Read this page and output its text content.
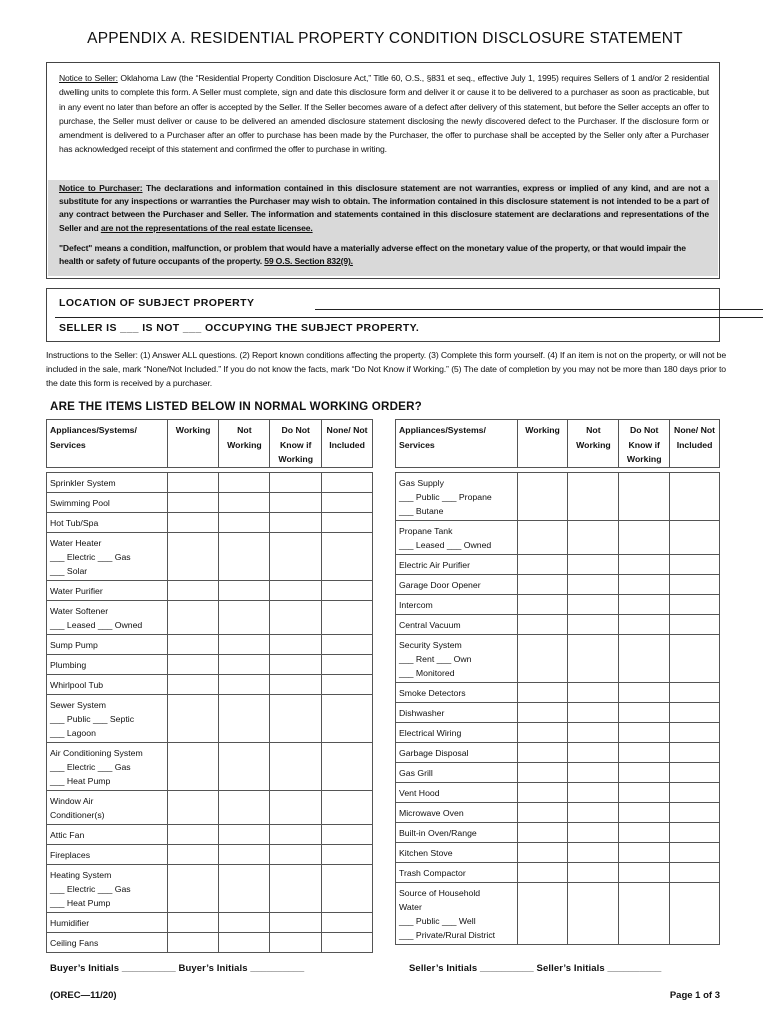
APPENDIX A. RESIDENTIAL PROPERTY CONDITION DISCLOSURE STATEMENT
Notice to Seller: Oklahoma Law (the “Residential Property Condition Disclosure Act,” Title 60, O.S., §831 et seq., effective July 1, 1995) requires Sellers of 1 and/or 2 residential dwelling units to complete this form. A Seller must complete, sign and date this disclosure form and deliver it or cause it to be delivered to a purchaser as soon as practicable, but in any event no later than before an offer is accepted by the Seller. If the Seller becomes aware of a defect after delivery of this statement, but before the Seller accepts an offer to purchase, the Seller must deliver or cause to be delivered an amended disclosure statement disclosing the newly discovered defect to the Purchaser. If the disclosure form or amendment is delivered to a Purchaser after an offer to purchase has been made by the Purchaser, the offer to purchase shall be accepted by the Seller only after a Purchaser has acknowledged receipt of this statement and confirmed the offer to purchase in writing.
Notice to Purchaser: The declarations and information contained in this disclosure statement are not warranties, express or implied of any kind, and are not a substitute for any inspections or warranties the Purchaser may wish to obtain. The information contained in this disclosure statement is not intended to be a part of any contract between the Purchaser and Seller. The information and statements contained in this disclosure statement are declarations and representations of the Seller and are not the representations of the real estate licensee.
"Defect" means a condition, malfunction, or problem that would have a materially adverse effect on the monetary value of the property, or that would impair the health or safety of future occupants of the property. 59 O.S. Section 832(9).
LOCATION OF SUBJECT PROPERTY
SELLER IS ___ IS NOT ___ OCCUPYING THE SUBJECT PROPERTY.
Instructions to the Seller: (1) Answer ALL questions. (2) Report known conditions affecting the property. (3) Complete this form yourself. (4) If an item is not on the property, or will not be included in the sale, mark “None/Not Included.” If you do not know the facts, mark “Do Not Know if Working.” (5) The date of completion by you may not be more than 180 days prior to the date this form is received by a purchaser.
ARE THE ITEMS LISTED BELOW IN NORMAL WORKING ORDER?
Appliances/Systems/ Services	Working	Not Working	Do Not Know if Working	None/ Not Included

Sprinkler System				

Swimming Pool				

Hot Tub/Spa				

Water Heater
___ Electric ___ Gas
___ Solar				

Water Purifier				

Water Softener
___ Leased ___ Owned				

Sump Pump				

Plumbing				

Whirlpool Tub				

Sewer System
___ Public ___ Septic
___ Lagoon				

Air Conditioning System
___ Electric ___ Gas
___ Heat Pump				

Window Air
Conditioner(s)				

Attic Fan				

Fireplaces				

Heating System
___ Electric ___ Gas
___ Heat Pump				

Humidifier				

Ceiling Fans				

Appliances/Systems/ Services	Working	Not Working	Do Not Know if Working	None/ Not Included

Gas Supply
___ Public ___ Propane
___ Butane				

Propane Tank
___ Leased ___ Owned				

Electric Air Purifier				

Garage Door Opener				

Intercom				

Central Vacuum				

Security System
___ Rent ___ Own
___ Monitored				

Smoke Detectors				

Dishwasher				

Electrical Wiring				

Garbage Disposal				

Gas Grill				

Vent Hood				

Microwave Oven				

Built-in Oven/Range				

Kitchen Stove				

Trash Compactor				

Source of Household
Water
___ Public ___ Well
___ Private/Rural District				

Buyer’s Initials __________ Buyer’s Initials __________	Seller’s Initials __________ Seller’s Initials __________
(OREC—11/20)	Page 1 of 3
